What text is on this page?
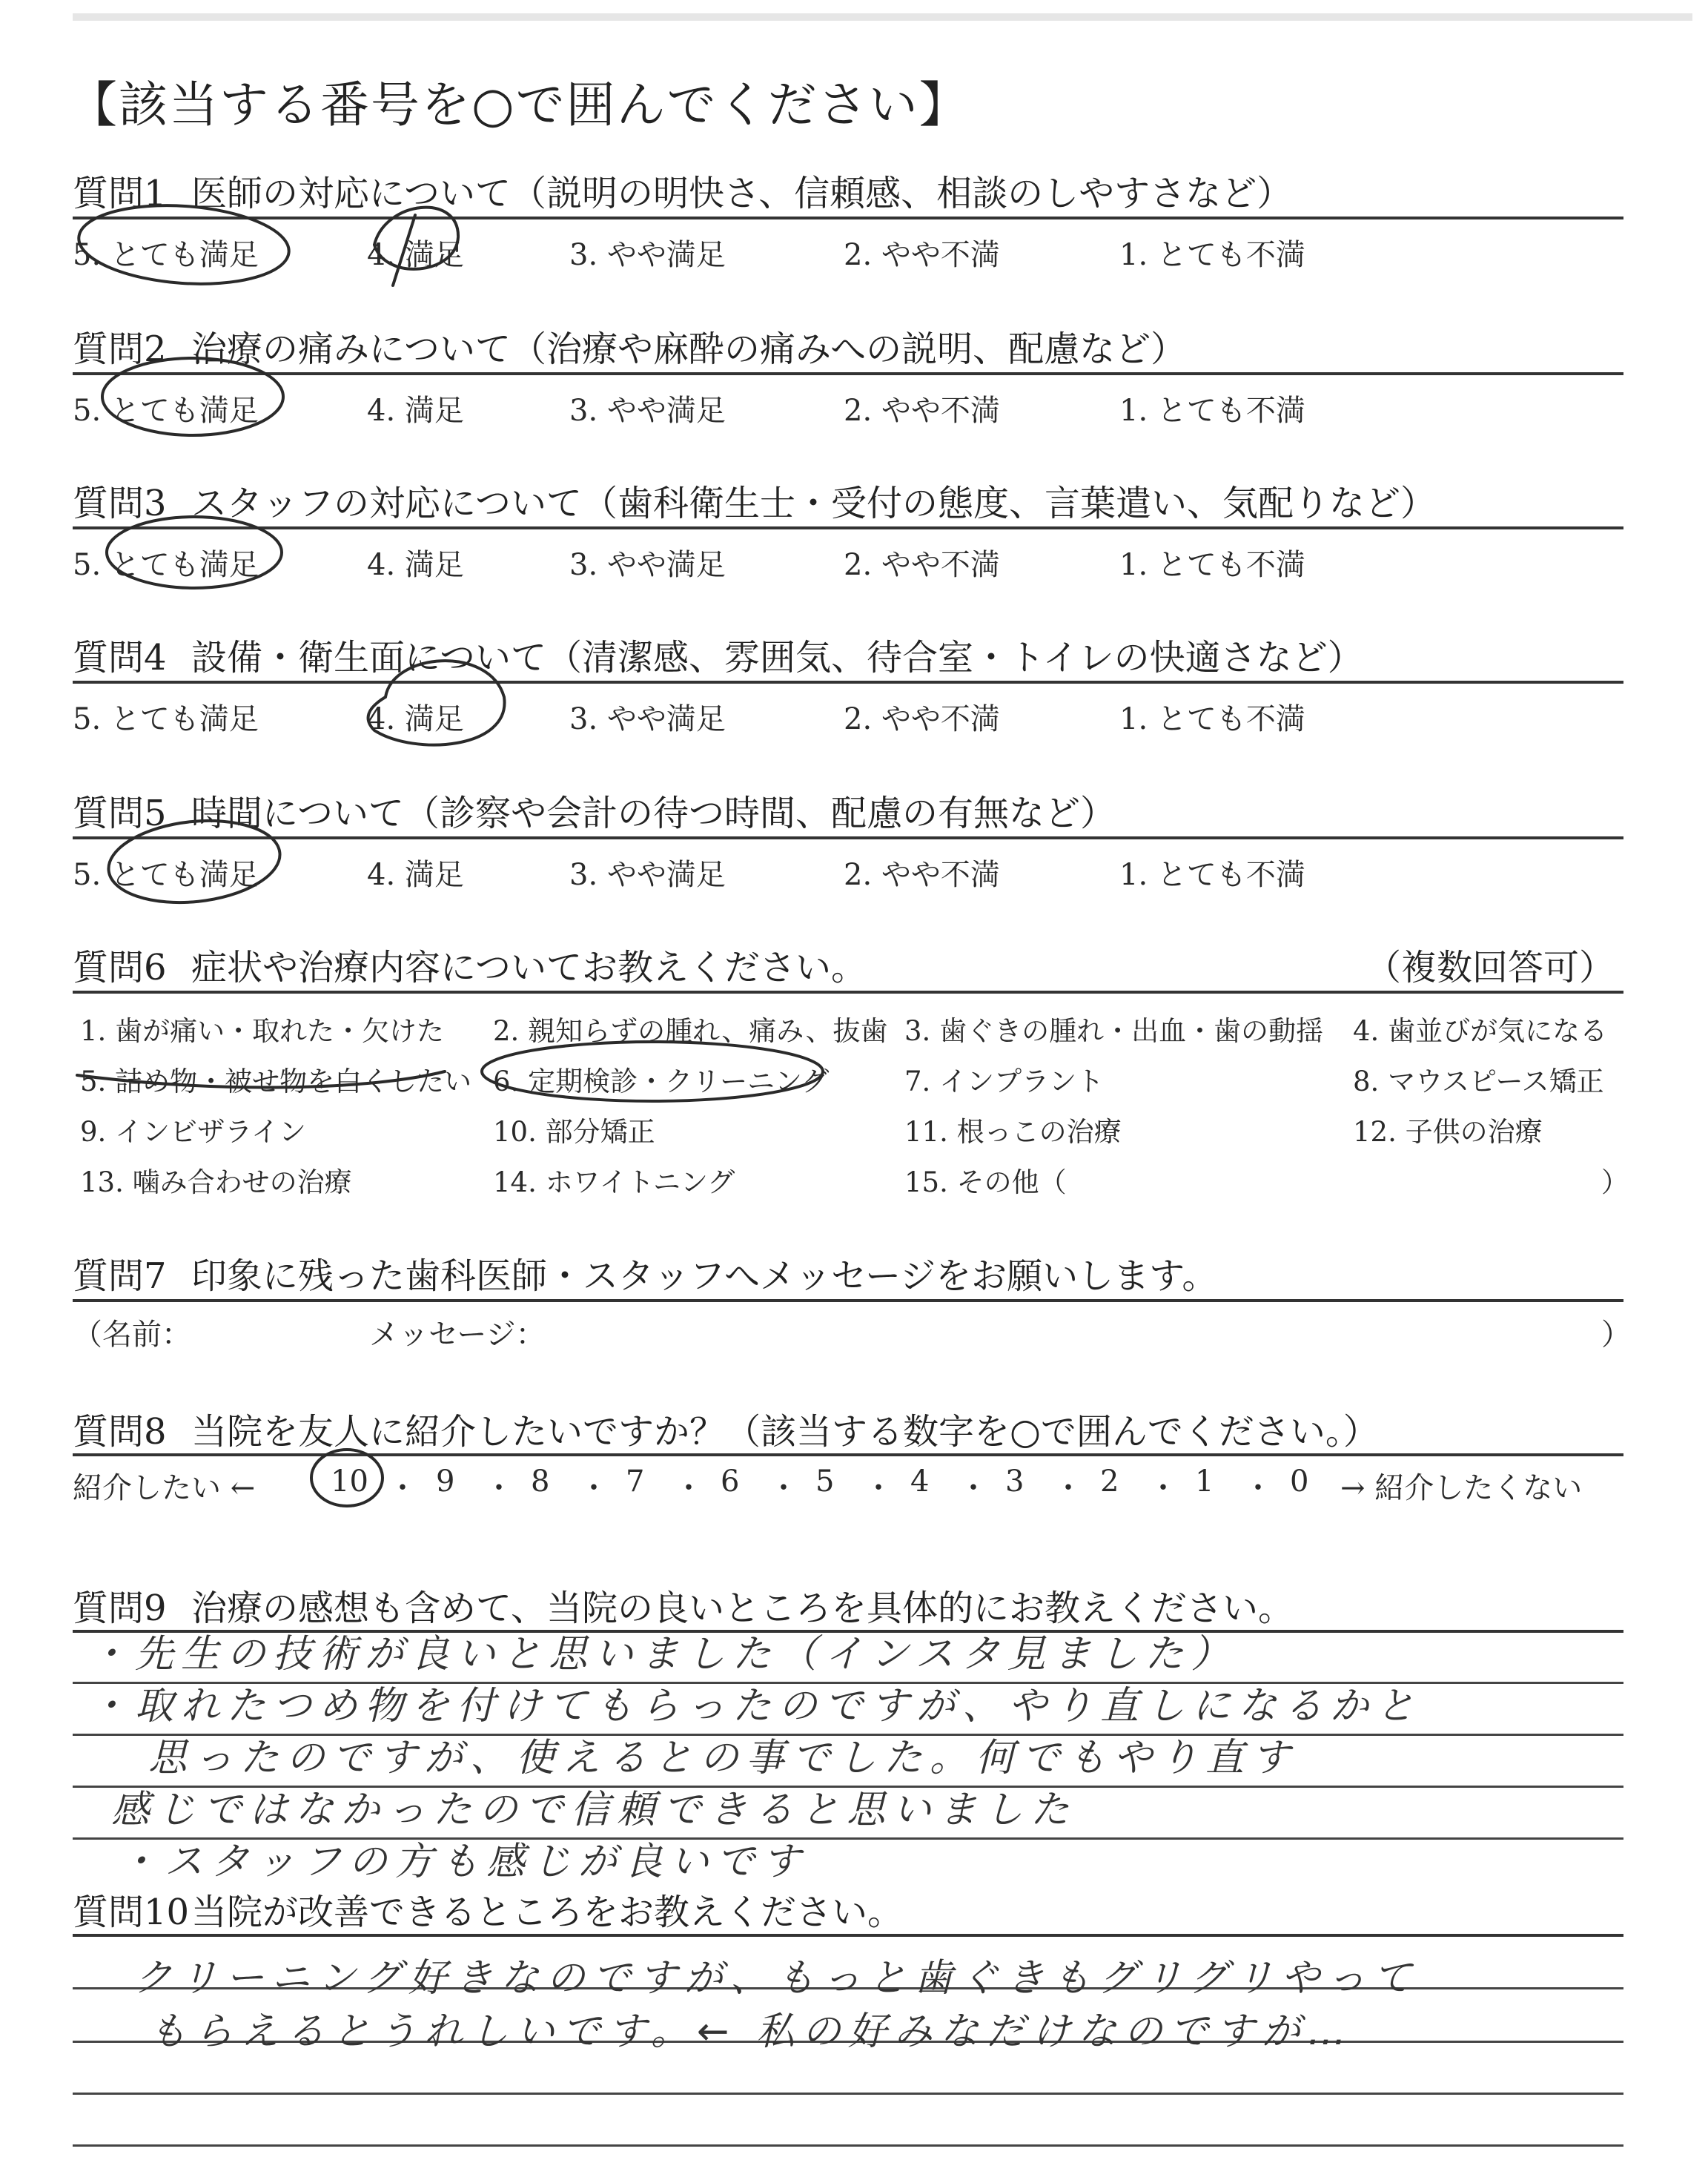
【該当する番号を○で囲んでください】
質問1 医師の対応について（説明の明快さ、信頼感、相談のしやすさなど）
5. とても満足	4. 満足	3. やや満足	2. やや不満	1. とても不満
質問2 治療の痛みについて（治療や麻酔の痛みへの説明、配慮など）
5. とても満足	4. 満足	3. やや満足	2. やや不満	1. とても不満
質問3 スタッフの対応について（歯科衛生士・受付の態度、言葉遣い、気配りなど）
5. とても満足	4. 満足	3. やや満足	2. やや不満	1. とても不満
質問4 設備・衛生面について（清潔感、雰囲気、待合室・トイレの快適さなど）
5. とても満足	4. 満足	3. やや満足	2. やや不満	1. とても不満
質問5 時間について（診察や会計の待つ時間、配慮の有無など）
5. とても満足	4. 満足	3. やや満足	2. やや不満	1. とても不満
質問6 症状や治療内容についてお教えください。	（複数回答可）
1. 歯が痛い・取れた・欠けた 2. 親知らずの腫れ、痛み、抜歯 3. 歯ぐきの腫れ・出血・歯の動揺 4. 歯並びが気になる
5. 詰め物・被せ物を白くしたい 6. 定期検診・クリーニング	7. インプラント	8. マウスピース矯正
9. インビザライン	10. 部分矯正	11. 根っこの治療	12. 子供の治療
13. 噛み合わせの治療	14. ホワイトニング	15. その他（	）
質問7 印象に残った歯科医師・スタッフへメッセージをお願いします。
（名前：	メッセージ：	）
質問8 当院を友人に紹介したいですか？（該当する数字を○で囲んでください。）
紹介したい ←	10 ・ 9 ・ 8 ・ 7 ・ 6 ・ 5 ・ 4 ・ 3 ・ 2 ・ 1 ・ 0 → 紹介したくない
質問9 治療の感想も含めて、当院の良いところを具体的にお教えください。
・先生の技術が良いと思いました（インスタ見ました）
・取れたつめ物を付けてもらったのですが、やり直しになるかと
思ったのですが、使えるとの事でした。何でもやり直す
感じではなかったので信頼できると思いました
・スタッフの方も感じが良いです
質問10当院が改善できるところをお教えください。
クリーニング好きなのですが、もっと歯ぐきもグリグリやって
もらえるとうれしいです。← 私の好みなだけなのですが…
